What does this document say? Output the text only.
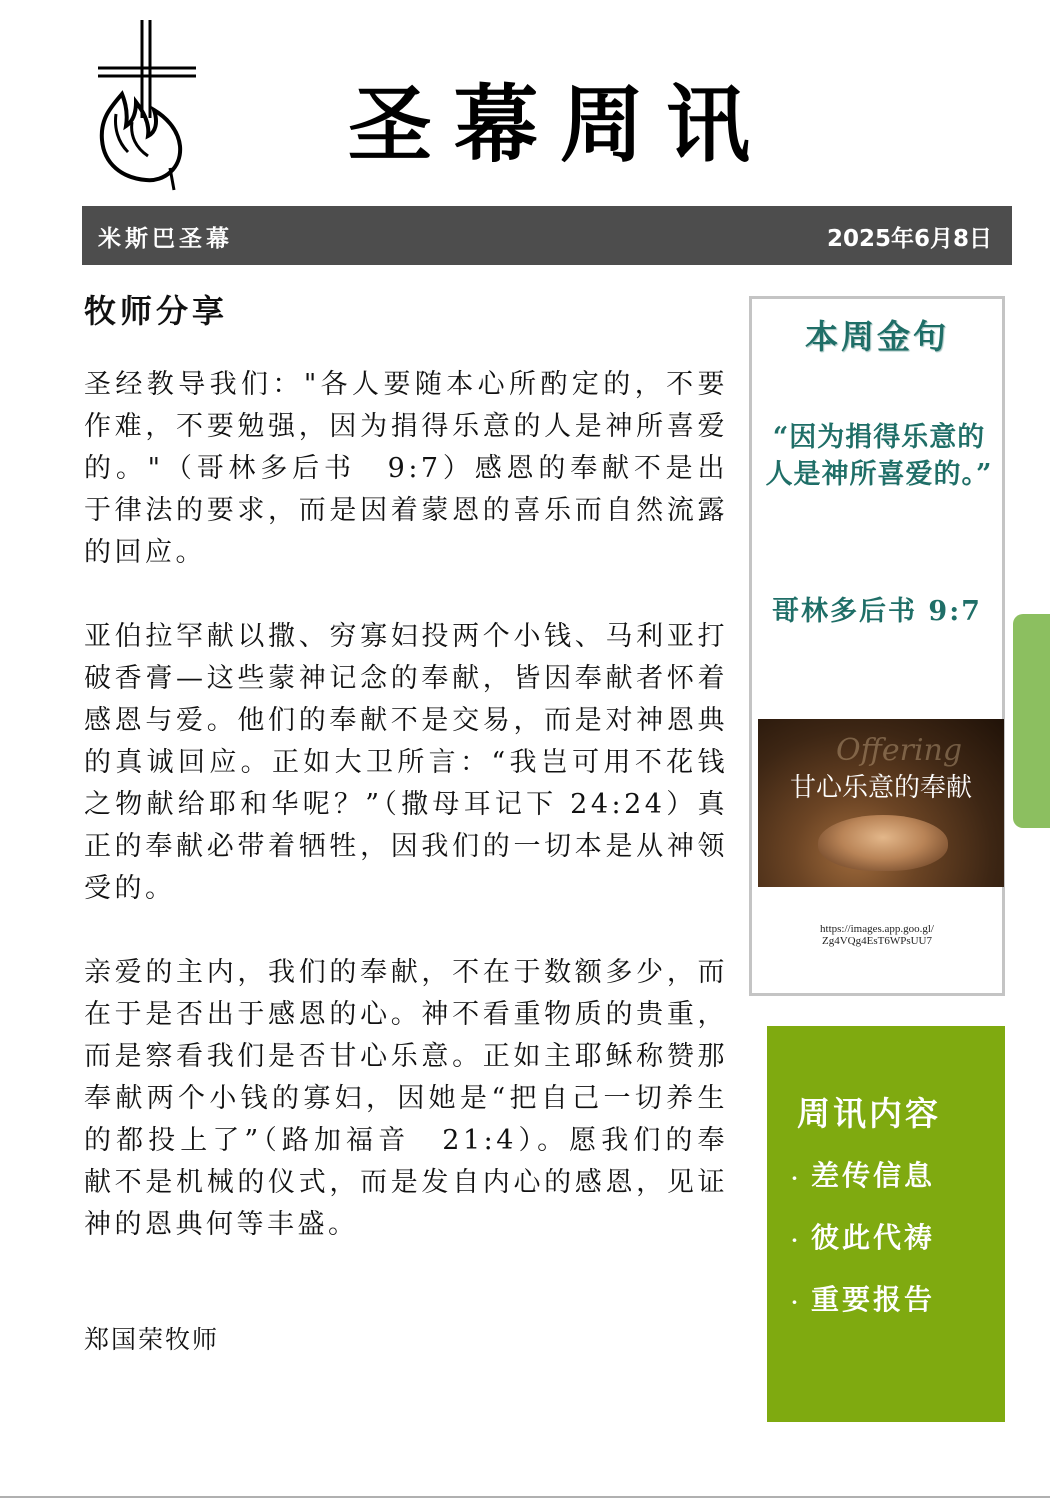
圣幕周讯
米斯巴圣幕	2025年6月8日
牧师分享

圣经教导我们："各人要随本心所酌定的，不要作难，不要勉强，因为捐得乐意的人是神所喜爱的。"（哥林多后书　9:7）感恩的奉献不是出于律法的要求，而是因着蒙恩的喜乐而自然流露的回应。

亚伯拉罕献以撒、穷寡妇投两个小钱、马利亚打破香膏—这些蒙神记念的奉献，皆因奉献者怀着感恩与爱。他们的奉献不是交易，而是对神恩典的真诚回应。正如大卫所言：“我岂可用不花钱之物献给耶和华呢？”（撒母耳记下 24:24）真正的奉献必带着牺牲，因我们的一切本是从神领受的。

亲爱的主内，我们的奉献，不在于数额多少，而在于是否出于感恩的心。神不看重物质的贵重，而是察看我们是否甘心乐意。正如主耶稣称赞那奉献两个小钱的寡妇，因她是“把自己一切养生的都投上了”（路加福音　21:4）。愿我们的奉献不是机械的仪式，而是发自内心的感恩，见证神的恩典何等丰盛。

郑国荣牧师
本周金句
“因为捐得乐意的人是神所喜爱的。”
哥林多后书 9:7
Offering
甘心乐意的奉献
https://images.app.goo.gl/
Zg4VQg4EsT6WPsUU7
周讯内容
· 差传信息
· 彼此代祷
· 重要报告
